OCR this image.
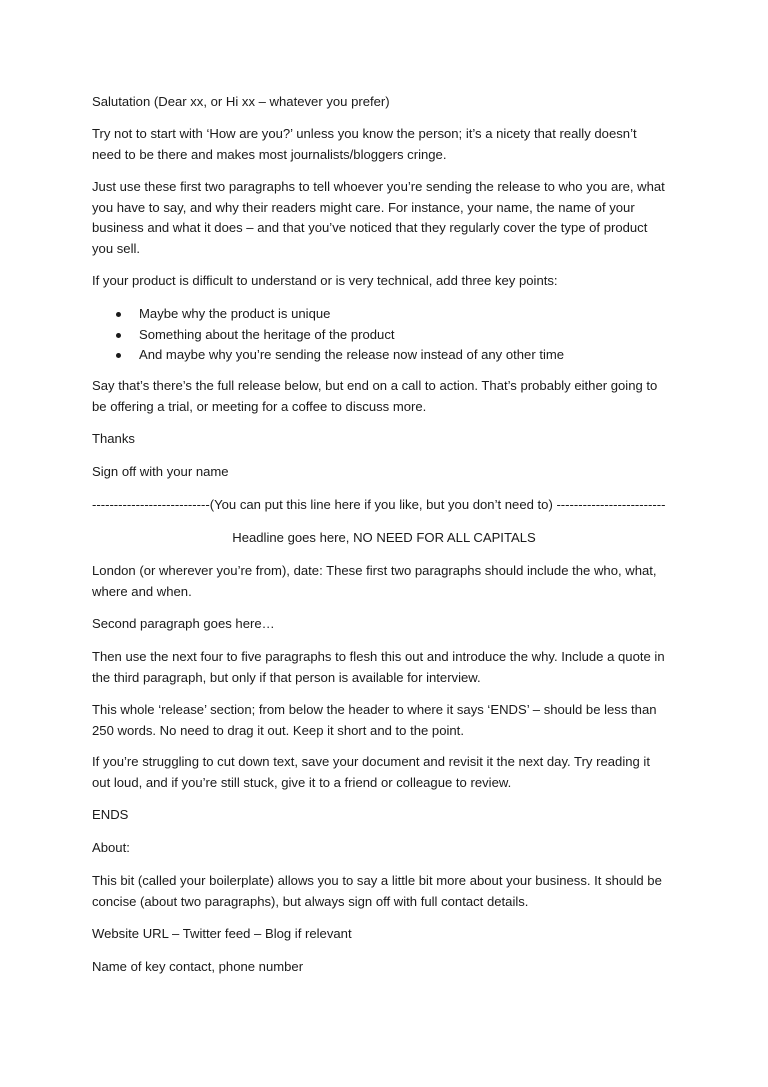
Salutation (Dear xx, or Hi xx – whatever you prefer)

Try not to start with ‘How are you?’ unless you know the person; it’s a nicety that really doesn’t
need to be there and makes most journalists/bloggers cringe.

Just use these first two paragraphs to tell whoever you’re sending the release to who you are, what
you have to say, and why their readers might care. For instance, your name, the name of your
business and what it does – and that you’ve noticed that they regularly cover the type of product
you sell.

If your product is difficult to understand or is very technical, add three key points:

Maybe why the product is unique
Something about the heritage of the product
And maybe why you’re sending the release now instead of any other time

Say that’s there’s the full release below, but end on a call to action. That’s probably either going to
be offering a trial, or meeting for a coffee to discuss more.

Thanks

Sign off with your name

---------------------------(You can put this line here if you like, but you don’t need to) -------------------------

Headline goes here, NO NEED FOR ALL CAPITALS

London (or wherever you’re from), date: These first two paragraphs should include the who, what,
where and when.

Second paragraph goes here…

Then use the next four to five paragraphs to flesh this out and introduce the why. Include a quote in
the third paragraph, but only if that person is available for interview.

This whole ‘release’ section; from below the header to where it says ‘ENDS’ – should be less than
250 words. No need to drag it out. Keep it short and to the point.

If you’re struggling to cut down text, save your document and revisit it the next day. Try reading it
out loud, and if you’re still stuck, give it to a friend or colleague to review.

ENDS

About:

This bit (called your boilerplate) allows you to say a little bit more about your business. It should be
concise (about two paragraphs), but always sign off with full contact details.

Website URL – Twitter feed – Blog if relevant

Name of key contact, phone number
